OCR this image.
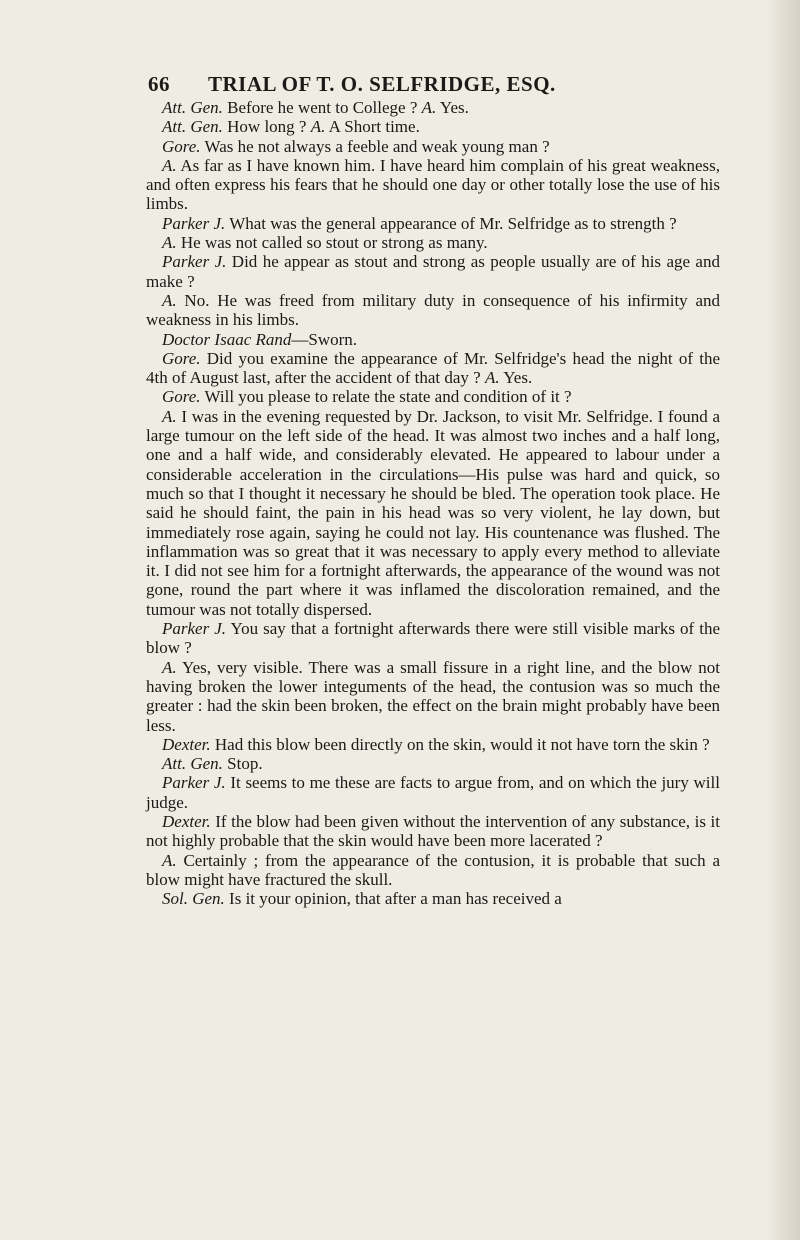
66	TRIAL OF T. O. SELFRIDGE, ESQ.

Att. Gen. Before he went to College ? A. Yes.

Att. Gen. How long ? A. A Short time.

Gore. Was he not always a feeble and weak young man ?

A. As far as I have known him. I have heard him complain of his great weakness, and often express his fears that he should one day or other totally lose the use of his limbs.

Parker J. What was the general appearance of Mr. Selfridge as to strength ?

A. He was not called so stout or strong as many.

Parker J. Did he appear as stout and strong as people usually are of his age and make ?

A. No. He was freed from military duty in consequence of his infirmity and weakness in his limbs.

Doctor Isaac Rand—Sworn.

Gore. Did you examine the appearance of Mr. Selfridge's head the night of the 4th of August last, after the accident of that day ? A. Yes.

Gore. Will you please to relate the state and condition of it ?

A. I was in the evening requested by Dr. Jackson, to visit Mr. Selfridge. I found a large tumour on the left side of the head. It was almost two inches and a half long, one and a half wide, and considerably elevated. He appeared to labour under a considerable acceleration in the circulations—His pulse was hard and quick, so much so that I thought it necessary he should be bled. The operation took place. He said he should faint, the pain in his head was so very violent, he lay down, but immediately rose again, saying he could not lay. His countenance was flushed. The inflammation was so great that it was necessary to apply every method to alleviate it. I did not see him for a fortnight afterwards, the appearance of the wound was not gone, round the part where it was inflamed the discoloration remained, and the tumour was not totally dispersed.

Parker J. You say that a fortnight afterwards there were still visible marks of the blow ?

A. Yes, very visible. There was a small fissure in a right line, and the blow not having broken the lower integuments of the head, the contusion was so much the greater : had the skin been broken, the effect on the brain might probably have been less.

Dexter. Had this blow been directly on the skin, would it not have torn the skin ?

Att. Gen. Stop.

Parker J. It seems to me these are facts to argue from, and on which the jury will judge.

Dexter. If the blow had been given without the intervention of any substance, is it not highly probable that the skin would have been more lacerated ?

A. Certainly ; from the appearance of the contusion, it is probable that such a blow might have fractured the skull.

Sol. Gen. Is it your opinion, that after a man has received a
